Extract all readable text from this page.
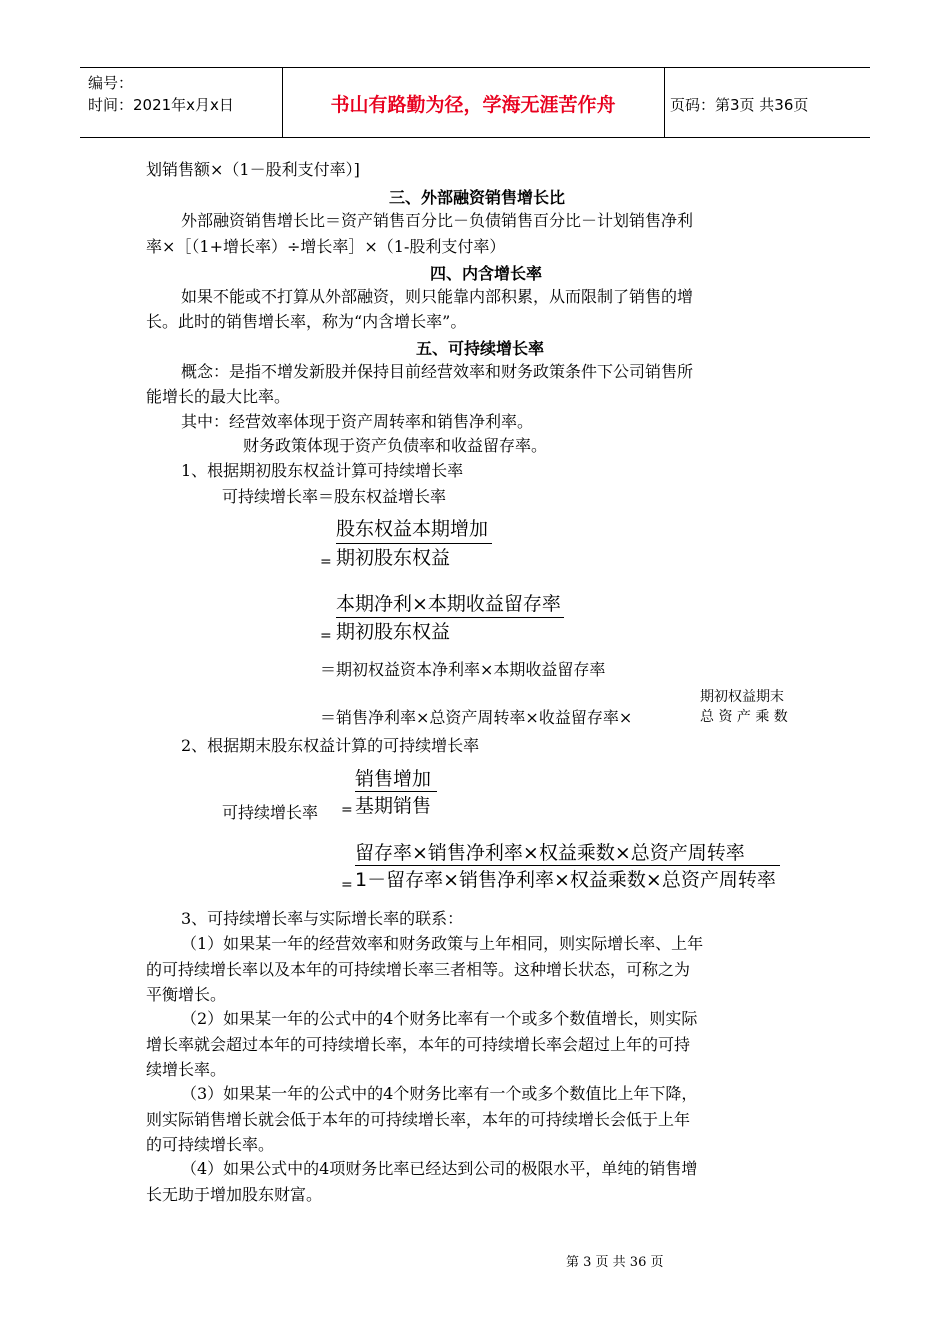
编号：
时间：2021年x月x日	书山有路勤为径，学海无涯苦作舟	页码：第3页 共36页
划销售额×（1－股利支付率）]
三、外部融资销售增长比
外部融资销售增长比＝资产销售百分比－负债销售百分比－计划销售净利
率×［（1+增长率）÷增长率］×（1-股利支付率）
四、内含增长率
如果不能或不打算从外部融资，则只能靠内部积累，从而限制了销售的增
长。此时的销售增长率，称为“内含增长率”。
五、可持续增长率
概念：是指不增发新股并保持目前经营效率和财务政策条件下公司销售所
能增长的最大比率。
其中：经营效率体现于资产周转率和销售净利率。
财务政策体现于资产负债率和收益留存率。
1、根据期初股东权益计算可持续增长率
可持续增长率＝股东权益增长率
股东权益本期增加
期初股东权益
=
本期净利×本期收益留存率
期初股东权益
=
＝期初权益资本净利率×本期收益留存率
＝销售净利率×总资产周转率×收益留存率×
期初权益期末
总 资 产 乘 数
2、根据期末股东权益计算的可持续增长率
可持续增长率 =
销售增加
基期销售
留存率×销售净利率×权益乘数×总资产周转率
1－留存率×销售净利率×权益乘数×总资产周转率
=
3、可持续增长率与实际增长率的联系：
（1）如果某一年的经营效率和财务政策与上年相同，则实际增长率、上年
的可持续增长率以及本年的可持续增长率三者相等。这种增长状态，可称之为
平衡增长。
（2）如果某一年的公式中的4个财务比率有一个或多个数值增长，则实际
增长率就会超过本年的可持续增长率，本年的可持续增长率会超过上年的可持
续增长率。
（3）如果某一年的公式中的4个财务比率有一个或多个数值比上年下降，
则实际销售增长就会低于本年的可持续增长率，本年的可持续增长会低于上年
的可持续增长率。
（4）如果公式中的4项财务比率已经达到公司的极限水平，单纯的销售增
长无助于增加股东财富。
第 3 页 共 36 页
